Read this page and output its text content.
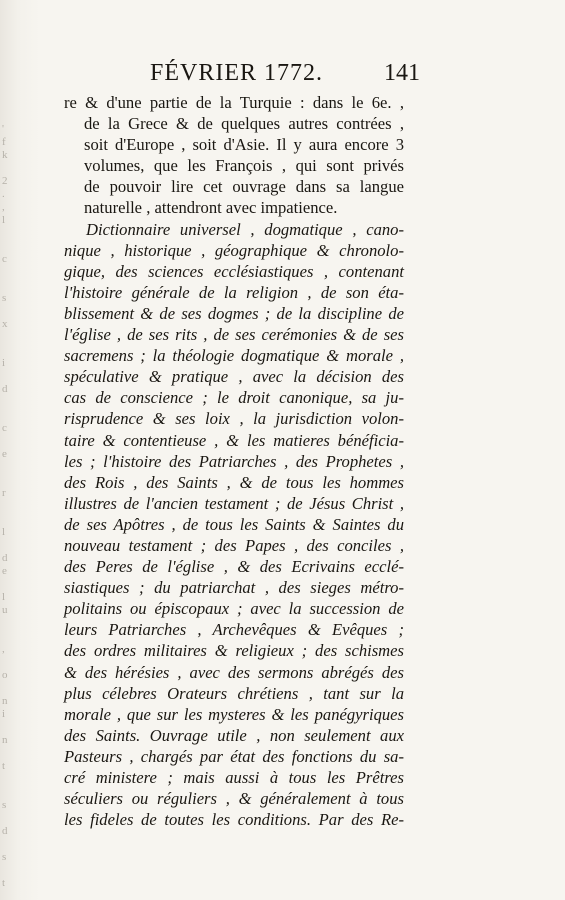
'
f
k

2
.
,
l

c

s

x

i

d

c

e

r

l

d
e

l
u

,

o

n
i

n

t

s

d

s

t
FÉVRIER 1772.	141
re & d'une partie de la Turquie : dans le 6e. ,
de la Grece & de quelques autres contrées ,
soit d'Europe , soit d'Asie. Il y aura encore 3
volumes, que les François , qui sont privés
de pouvoir lire cet ouvrage dans sa langue
naturelle , attendront avec impatience.
Dictionnaire universel , dogmatique , cano-
nique , historique , géographique & chronolo-
gique, des sciences ecclésiastiques , contenant
l'histoire générale de la religion , de son éta-
blissement & de ses dogmes ; de la discipline de
l'église , de ses rits , de ses cerémonies & de ses
sacremens ; la théologie dogmatique & morale ,
spéculative & pratique , avec la décision des
cas de conscience ; le droit canonique, sa ju-
risprudence & ses loix , la jurisdiction volon-
taire & contentieuse , & les matieres bénéficia-
les ; l'histoire des Patriarches , des Prophetes ,
des Rois , des Saints , & de tous les hommes
illustres de l'ancien testament ; de Jésus Christ ,
de ses Apôtres , de tous les Saints & Saintes du
nouveau testament ; des Papes , des conciles ,
des Peres de l'église , & des Ecrivains ecclé-
siastiques ; du patriarchat , des sieges métro-
politains ou épiscopaux ; avec la succession de
leurs Patriarches , Archevêques & Evêques ;
des ordres militaires & religieux ; des schismes
& des hérésies , avec des sermons abrégés des
plus célebres Orateurs chrétiens , tant sur la
morale , que sur les mysteres & les panégyriques
des Saints. Ouvrage utile , non seulement aux
Pasteurs , chargés par état des fonctions du sa-
cré ministere ; mais aussi à tous les Prêtres
séculiers ou réguliers , & généralement à tous
les fideles de toutes les conditions. Par des Re-
